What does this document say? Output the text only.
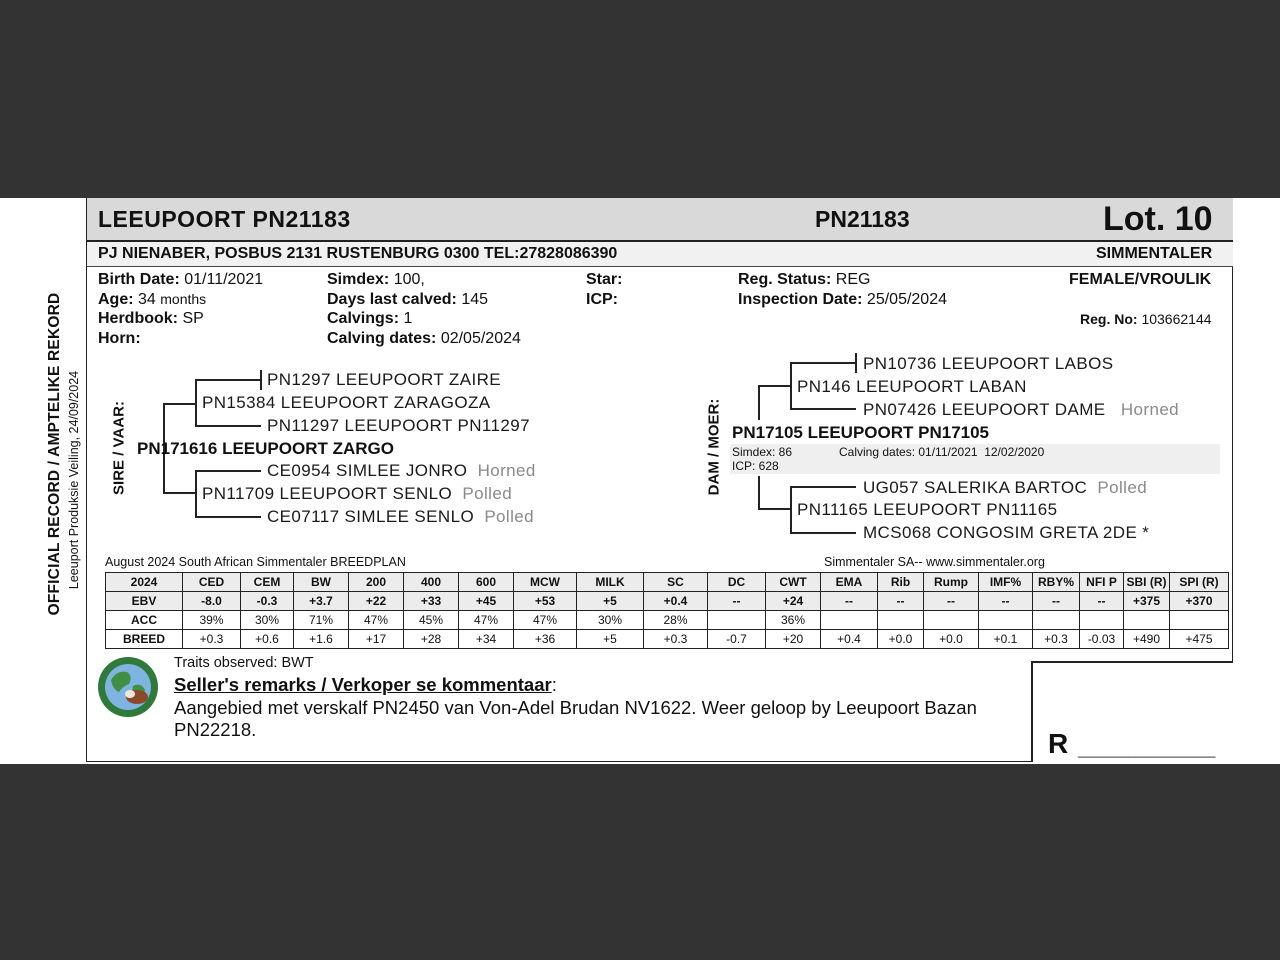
OFFICIAL RECORD / AMPTELIKE REKORD Leeuport Produksie Veiling, 24/09/2024
LEEUPOORT PN21183	PN21183	Lot. 10
PJ NIENABER, POSBUS 2131 RUSTENBURG 0300 TEL:27828086390	SIMMENTALER
Birth Date: 01/11/2021
Age: 34 months
Herdbook: SP
Horn:
Simdex: 100,
Days last calved: 145
Calvings: 1
Calving dates: 02/05/2024
Star:
ICP:
Reg. Status: REG
Inspection Date: 25/05/2024
FEMALE/VROULIK
Reg. No: 103662144
SIRE / VAAR:
PN1297 LEEUPOORT ZAIRE
PN15384 LEEUPOORT ZARAGOZA
PN11297 LEEUPOORT PN11297
PN171616 LEEUPOORT ZARGO
CE0954 SIMLEE JONRO Horned
PN11709 LEEUPOORT SENLO Polled
CE07117 SIMLEE SENLO Polled
DAM / MOER:
PN10736 LEEUPOORT LABOS
PN146 LEEUPOORT LABAN
PN07426 LEEUPOORT DAME Horned
PN17105 LEEUPOORT PN17105
Simdex: 86
ICP: 628
Calving dates: 01/11/2021  12/02/2020
UG057 SALERIKA BARTOC Polled
PN11165 LEEUPOORT PN11165
MCS068 CONGOSIM GRETA 2DE *
August 2024 South African Simmentaler BREEDPLAN	Simmentaler SA-- www.simmentaler.org
2024	CED	CEM	BW	200	400	600	MCW	MILK	SC	DC	CWT	EMA	Rib	Rump	IMF%	RBY%	NFI P	SBI (R)	SPI (R)
EBV	-8.0	-0.3	+3.7	+22	+33	+45	+53	+5	+0.4	--	+24	--	--	--	--	--	--	+375	+370
ACC	39%	30%	71%	47%	45%	47%	47%	30%	28%		36%								
BREED	+0.3	+0.6	+1.6	+17	+28	+34	+36	+5	+0.3	-0.7	+20	+0.4	+0.0	+0.0	+0.1	+0.3	-0.03	+490	+475
Traits observed: BWT
Seller's remarks / Verkoper se kommentaar:
Aangebied met verskalf PN2450 van Von-Adel Brudan NV1622. Weer geloop by Leeupoort Bazan
PN22218.	R ___________________
